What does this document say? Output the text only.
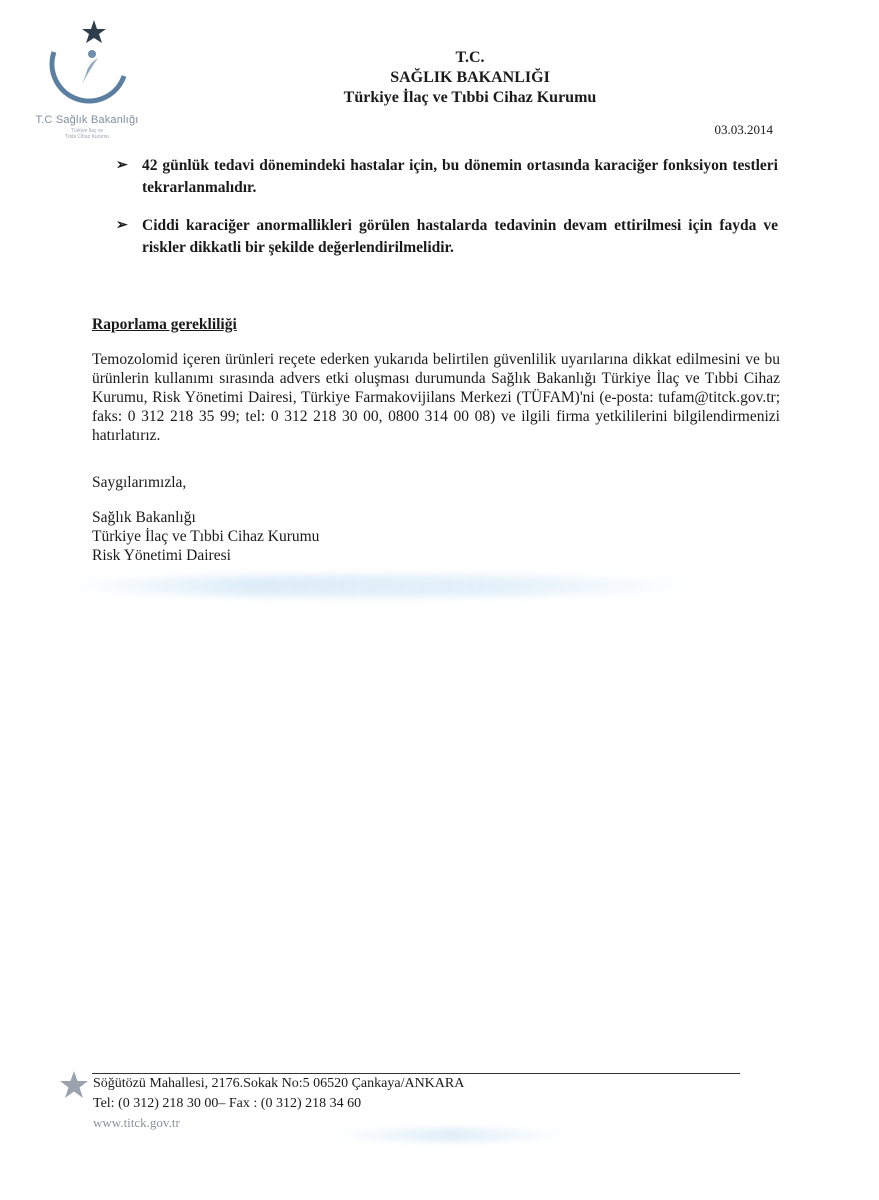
T.C Sağlık Bakanlığı
Türkiye İlaç ve
Tıbbi Cihaz Kurumu
T.C.
SAĞLIK BAKANLIĞI
Türkiye İlaç ve Tıbbi Cihaz Kurumu
03.03.2014
➢ 42 günlük tedavi dönemindeki hastalar için, bu dönemin ortasında karaciğer fonksiyon testleri tekrarlanmalıdır.
➢ Ciddi karaciğer anormallikleri görülen hastalarda tedavinin devam ettirilmesi için fayda ve riskler dikkatli bir şekilde değerlendirilmelidir.
Raporlama gerekliliği
Temozolomid içeren ürünleri reçete ederken yukarıda belirtilen güvenlilik uyarılarına dikkat edilmesini ve bu ürünlerin kullanımı sırasında advers etki oluşması durumunda Sağlık Bakanlığı Türkiye İlaç ve Tıbbi Cihaz Kurumu, Risk Yönetimi Dairesi, Türkiye Farmakovijilans Merkezi (TÜFAM)'ni (e-posta: tufam@titck.gov.tr; faks: 0 312 218 35 99; tel: 0 312 218 30 00, 0800 314 00 08) ve ilgili firma yetkililerini bilgilendirmenizi hatırlatırız.
Saygılarımızla,
Sağlık Bakanlığı
Türkiye İlaç ve Tıbbi Cihaz Kurumu
Risk Yönetimi Dairesi
Söğütözü Mahallesi, 2176.Sokak No:5 06520 Çankaya/ANKARA
Tel: (0 312) 218 30 00– Fax : (0 312) 218 34 60
www.titck.gov.tr
